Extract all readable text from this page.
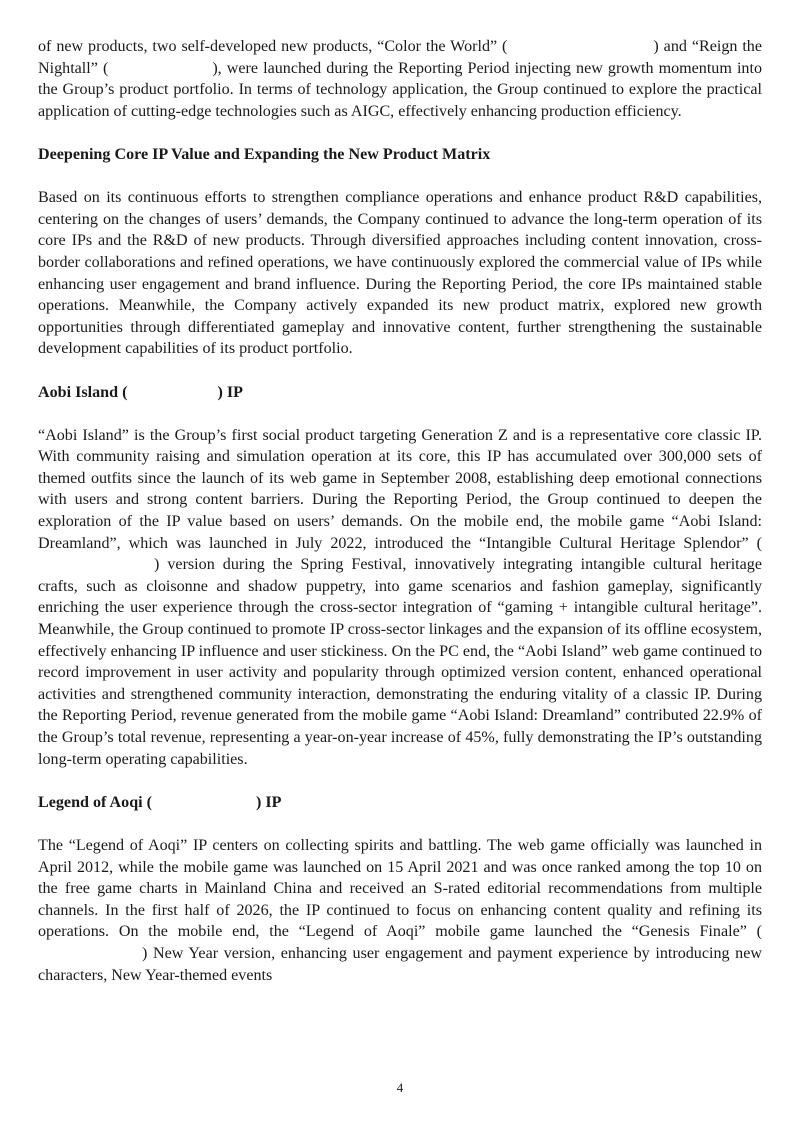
of new products, two self-developed new products, “Color the World” (	) and “Reign the Nightall” (	), were launched during the Reporting Period injecting new growth momentum into the Group’s product portfolio. In terms of technology application, the Group continued to explore the practical application of cutting-edge technologies such as AIGC, effectively enhancing production efficiency.

Deepening Core IP Value and Expanding the New Product Matrix

Based on its continuous efforts to strengthen compliance operations and enhance product R&D capabilities, centering on the changes of users’ demands, the Company continued to advance the long-term operation of its core IPs and the R&D of new products. Through diversified approaches including content innovation, cross-border collaborations and refined operations, we have continuously explored the commercial value of IPs while enhancing user engagement and brand influence. During the Reporting Period, the core IPs maintained stable operations. Meanwhile, the Company actively expanded its new product matrix, explored new growth opportunities through differentiated gameplay and innovative content, further strengthening the sustainable development capabilities of its product portfolio.

Aobi Island (	) IP

“Aobi Island” is the Group’s first social product targeting Generation Z and is a representative core classic IP. With community raising and simulation operation at its core, this IP has accumulated over 300,000 sets of themed outfits since the launch of its web game in September 2008, establishing deep emotional connections with users and strong content barriers. During the Reporting Period, the Group continued to deepen the exploration of the IP value based on users’ demands. On the mobile end, the mobile game “Aobi Island: Dreamland”, which was launched in July 2022, introduced the “Intangible Cultural Heritage Splendor” () version during the Spring Festival, innovatively integrating intangible cultural heritage crafts, such as cloisonne and shadow puppetry, into game scenarios and fashion gameplay, significantly enriching the user experience through the cross-sector integration of “gaming + intangible cultural heritage”. Meanwhile, the Group continued to promote IP cross-sector linkages and the expansion of its offline ecosystem, effectively enhancing IP influence and user stickiness. On the PC end, the “Aobi Island” web game continued to record improvement in user activity and popularity through optimized version content, enhanced operational activities and strengthened community interaction, demonstrating the enduring vitality of a classic IP. During the Reporting Period, revenue generated from the mobile game “Aobi Island: Dreamland” contributed 22.9% of the Group’s total revenue, representing a year-on-year increase of 45%, fully demonstrating the IP’s outstanding long-term operating capabilities.

Legend of Aoqi (	) IP

The “Legend of Aoqi” IP centers on collecting spirits and battling. The web game officially was launched in April 2012, while the mobile game was launched on 15 April 2021 and was once ranked among the top 10 on the free game charts in Mainland China and received an S-rated editorial recommendations from multiple channels. In the first half of 2026, the IP continued to focus on enhancing content quality and refining its operations. On the mobile end, the “Legend of Aoqi” mobile game launched the “Genesis Finale” () New Year version, enhancing user engagement and payment experience by introducing new characters, New Year-themed events

4
